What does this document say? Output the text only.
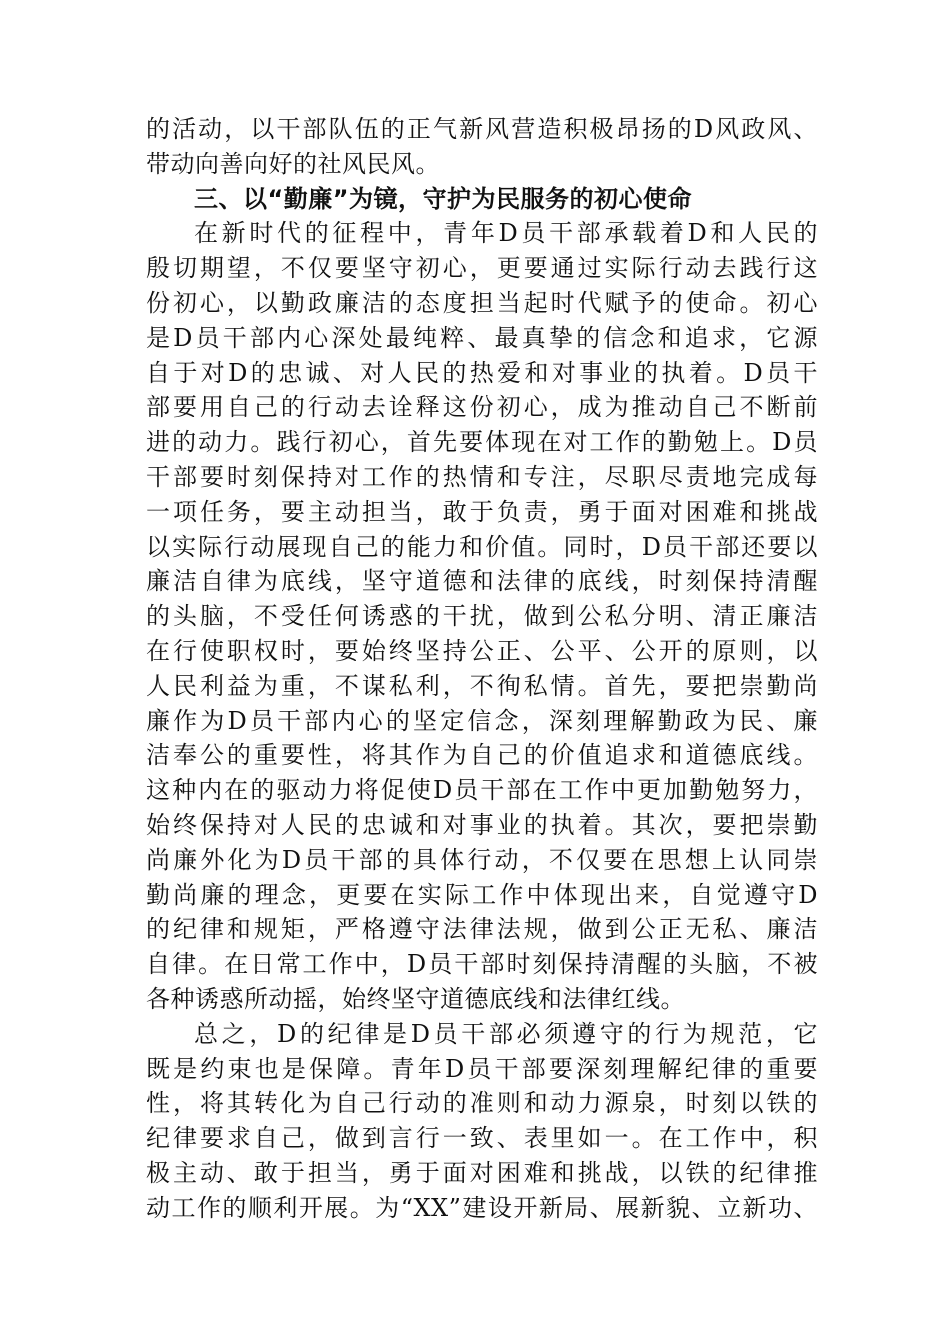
的活动，以干部队伍的正气新风营造积极昂扬的D风政风、
带动向善向好的社风民风。
三、以“勤廉”为镜，守护为民服务的初心使命
在新时代的征程中，青年D员干部承载着D和人民的
殷切期望，不仅要坚守初心，更要通过实际行动去践行这
份初心，以勤政廉洁的态度担当起时代赋予的使命。初心
是D员干部内心深处最纯粹、最真挚的信念和追求，它源
自于对D的忠诚、对人民的热爱和对事业的执着。D员干
部要用自己的行动去诠释这份初心，成为推动自己不断前
进的动力。践行初心，首先要体现在对工作的勤勉上。D员
干部要时刻保持对工作的热情和专注，尽职尽责地完成每
一项任务，要主动担当，敢于负责，勇于面对困难和挑战
以实际行动展现自己的能力和价值。同时，D员干部还要以
廉洁自律为底线，坚守道德和法律的底线，时刻保持清醒
的头脑，不受任何诱惑的干扰，做到公私分明、清正廉洁
在行使职权时，要始终坚持公正、公平、公开的原则，以
人民利益为重，不谋私利，不徇私情。首先，要把崇勤尚
廉作为D员干部内心的坚定信念，深刻理解勤政为民、廉
洁奉公的重要性，将其作为自己的价值追求和道德底线。
这种内在的驱动力将促使D员干部在工作中更加勤勉努力，
始终保持对人民的忠诚和对事业的执着。其次，要把崇勤
尚廉外化为D员干部的具体行动，不仅要在思想上认同崇
勤尚廉的理念，更要在实际工作中体现出来，自觉遵守D
的纪律和规矩，严格遵守法律法规，做到公正无私、廉洁
自律。在日常工作中，D员干部时刻保持清醒的头脑，不被
各种诱惑所动摇，始终坚守道德底线和法律红线。
总之，D的纪律是D员干部必须遵守的行为规范，它
既是约束也是保障。青年D员干部要深刻理解纪律的重要
性，将其转化为自己行动的准则和动力源泉，时刻以铁的
纪律要求自己，做到言行一致、表里如一。在工作中，积
极主动、敢于担当，勇于面对困难和挑战，以铁的纪律推
动工作的顺利开展。为“XX”建设开新局、展新貌、立新功、
